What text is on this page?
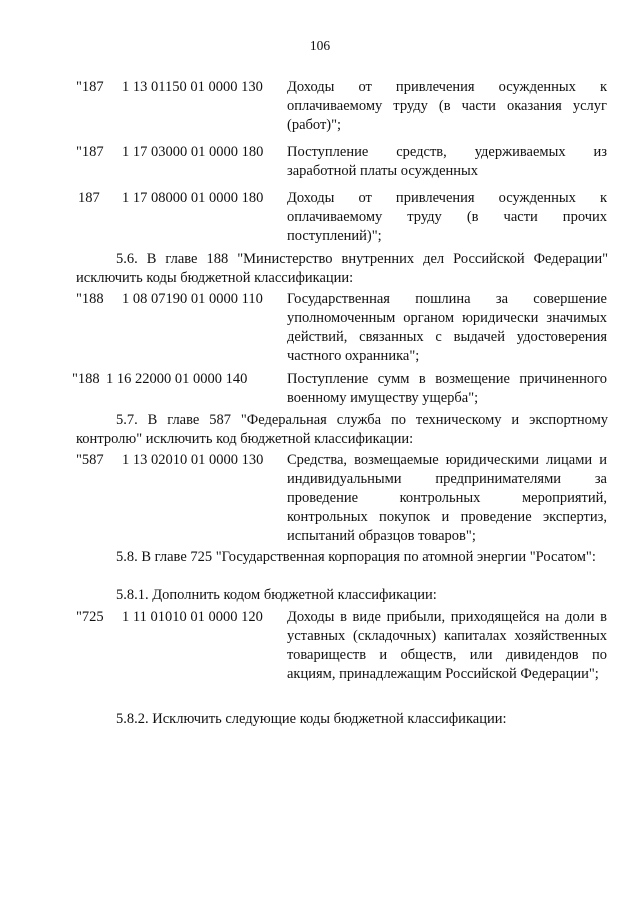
106
"187 1 13 01150 01 0000 130 Доходы от привлечения осужденных к оплачиваемому труду (в части оказания услуг (работ)";
"187 1 17 03000 01 0000 180 Поступление средств, удерживаемых из заработной платы осужденных
187 1 17 08000 01 0000 180 Доходы от привлечения осужденных к оплачиваемому труду (в части прочих поступлений)";
5.6. В главе 188 "Министерство внутренних дел Российской Федерации" исключить коды бюджетной классификации:
"188 1 08 07190 01 0000 110 Государственная пошлина за совершение уполномоченным органом юридически значимых действий, связанных с выдачей удостоверения частного охранника";
"188 1 16 22000 01 0000 140	Поступление сумм в возмещение причиненного военному имуществу ущерба";
5.7. В главе 587 "Федеральная служба по техническому и экспортному контролю" исключить код бюджетной классификации:
"587 1 13 02010 01 0000 130 Средства, возмещаемые юридическими лицами и индивидуальными предпринимателями за проведение контрольных мероприятий, контрольных покупок и проведение экспертиз, испытаний образцов товаров";
5.8. В главе 725 "Государственная корпорация по атомной энергии "Росатом":
5.8.1. Дополнить кодом бюджетной классификации:
"725 1 11 01010 01 0000 120 Доходы в виде прибыли, приходящейся на доли в уставных (складочных) капиталах хозяйственных товариществ и обществ, или дивидендов по акциям, принадлежащим Российской Федерации";
5.8.2. Исключить следующие коды бюджетной классификации:
